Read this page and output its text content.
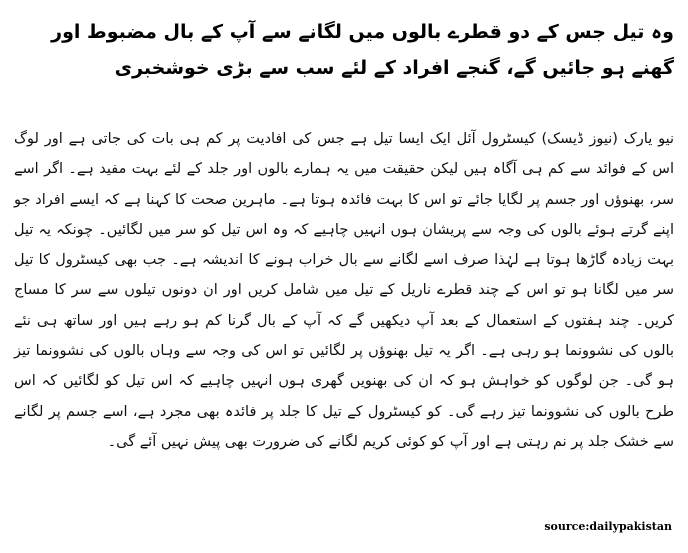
وہ تیل جس کے دو قطرے بالوں میں لگانے سے آپ کے بال مضبوط اور گھنے ہو جائیں گے، گنجے افراد کے لئے سب سے بڑی خوشخبری
نیو یارک (نیوز ڈیسک) کیسٹرول آئل ایک ایسا تیل ہے جس کی افادیت پر کم ہی بات کی جاتی ہے اور لوگ اس کے فوائد سے کم ہی آگاہ ہیں لیکن حقیقت میں یہ ہمارے بالوں اور جلد کے لئے بہت مفید ہے۔ اگر اسے سر، بھنوؤں اور جسم پر لگایا جائے تو اس کا بہت فائدہ ہوتا ہے۔ ماہرین صحت کا کہنا ہے کہ ایسے افراد جو اپنے گرتے ہوئے بالوں کی وجہ سے پریشان ہوں انہیں چاہیے کہ وہ اس تیل کو سر میں لگائیں۔ چونکہ یہ تیل بہت زیادہ گاڑھا ہوتا ہے لہٰذا صرف اسے لگانے سے بال خراب ہونے کا اندیشہ ہے۔ جب بھی کیسٹرول کا تیل سر میں لگانا ہو تو اس کے چند قطرے ناریل کے تیل میں شامل کریں اور ان دونوں تیلوں سے سر کا مساج کریں۔ چند ہفتوں کے استعمال کے بعد آپ دیکھیں گے کہ آپ کے بال گرنا کم ہو رہے ہیں اور ساتھ ہی نئے بالوں کی نشوونما ہو رہی ہے۔ اگر یہ تیل بھنوؤں پر لگائیں تو اس کی وجہ سے وہاں بالوں کی نشوونما تیز ہو گی۔ جن لوگوں کو خواہش ہو کہ ان کی بھنویں گھری ہوں انہیں چاہیے کہ اس تیل کو لگائیں کہ اس طرح بالوں کی نشوونما تیز رہے گی۔ کو کیسٹرول کے تیل کا جلد پر فائدہ بھی مجرد ہے، اسے جسم پر لگانے سے خشک جلد پر نم رہتی ہے اور آپ کو کوئی کریم لگانے کی ضرورت بھی پیش نہیں آئے گی۔
source:dailypakistan
